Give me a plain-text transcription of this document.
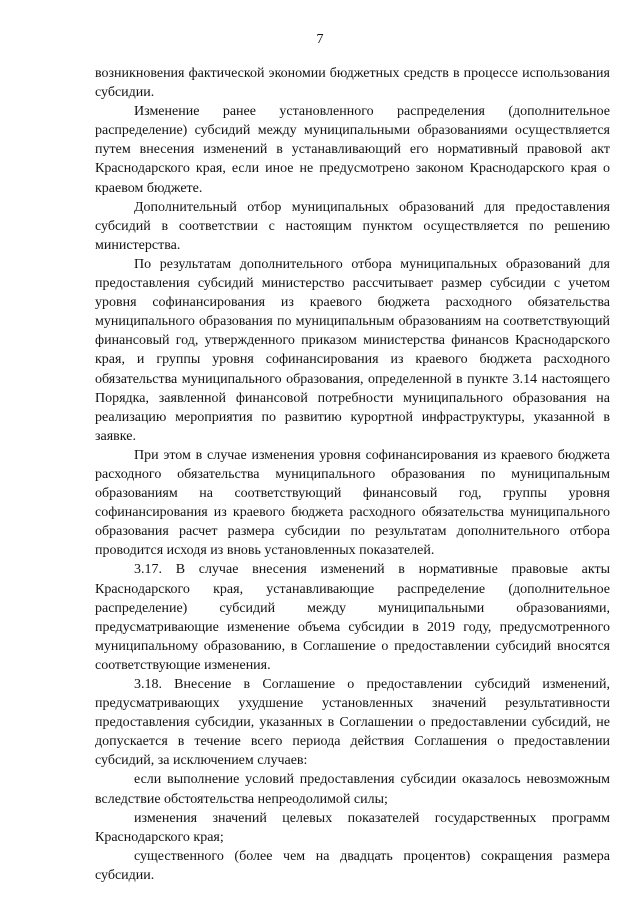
7

возникновения фактической экономии бюджетных средств в процессе использования субсидии.

Изменение ранее установленного распределения (дополнительное распределение) субсидий между муниципальными образованиями осуществляется путем внесения изменений в устанавливающий его нормативный правовой акт Краснодарского края, если иное не предусмотрено законом Краснодарского края о краевом бюджете.

Дополнительный отбор муниципальных образований для предоставления субсидий в соответствии с настоящим пунктом осуществляется по решению министерства.

По результатам дополнительного отбора муниципальных образований для предоставления субсидий министерство рассчитывает размер субсидии с учетом уровня софинансирования из краевого бюджета расходного обязательства муниципального образования по муниципальным образованиям на соответствующий финансовый год, утвержденного приказом министерства финансов Краснодарского края, и группы уровня софинансирования из краевого бюджета расходного обязательства муниципального образования, определенной в пункте 3.14 настоящего Порядка, заявленной финансовой потребности муниципального образования на реализацию мероприятия по развитию курортной инфраструктуры, указанной в заявке.

При этом в случае изменения уровня софинансирования из краевого бюджета расходного обязательства муниципального образования по муниципальным образованиям на соответствующий финансовый год, группы уровня софинансирования из краевого бюджета расходного обязательства муниципального образования расчет размера субсидии по результатам дополнительного отбора проводится исходя из вновь установленных показателей.

3.17. В случае внесения изменений в нормативные правовые акты Краснодарского края, устанавливающие распределение (дополнительное распределение) субсидий между муниципальными образованиями, предусматривающие изменение объема субсидии в 2019 году, предусмотренного муниципальному образованию, в Соглашение о предоставлении субсидий вносятся соответствующие изменения.

3.18. Внесение в Соглашение о предоставлении субсидий изменений, предусматривающих ухудшение установленных значений результативности предоставления субсидии, указанных в Соглашении о предоставлении субсидий, не допускается в течение всего периода действия Соглашения о предоставлении субсидий, за исключением случаев:

если выполнение условий предоставления субсидии оказалось невозможным вследствие обстоятельства непреодолимой силы;

изменения значений целевых показателей государственных программ Краснодарского края;

существенного (более чем на двадцать процентов) сокращения размера субсидии.
